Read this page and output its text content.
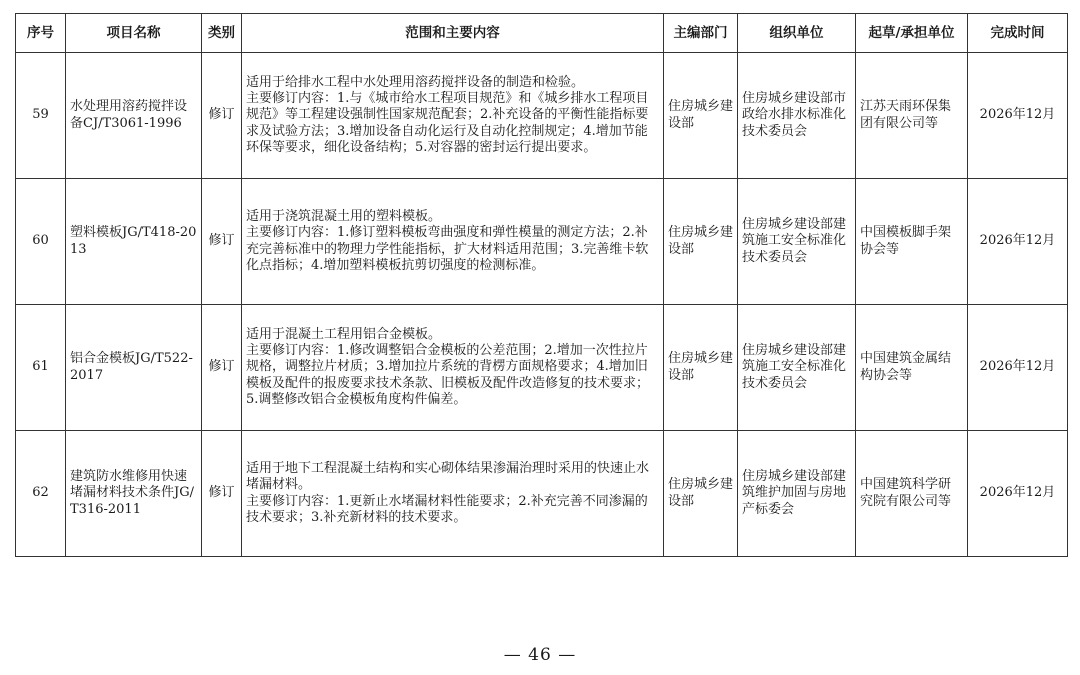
序号	项目名称	类别	范围和主要内容	主编部门	组织单位	起草/承担单位	完成时间
59	水处理用溶药搅拌设备CJ/T3061-1996	修订	适用于给排水工程中水处理用溶药搅拌设备的制造和检验。
主要修订内容：1.与《城市给水工程项目规范》和《城乡排水工程项目规范》等工程建设强制性国家规范配套；2.补充设备的平衡性能指标要求及试验方法；3.增加设备自动化运行及自动化控制规定；4.增加节能环保等要求，细化设备结构；5.对容器的密封运行提出要求。	住房城乡建设部	住房城乡建设部市政给水排水标准化技术委员会	江苏天雨环保集团有限公司等	2026年12月
60	塑料模板JG/T418-2013	修订	适用于浇筑混凝土用的塑料模板。
主要修订内容：1.修订塑料模板弯曲强度和弹性模量的测定方法；2.补充完善标准中的物理力学性能指标，扩大材料适用范围；3.完善维卡软化点指标；4.增加塑料模板抗剪切强度的检测标准。	住房城乡建设部	住房城乡建设部建筑施工安全标准化技术委员会	中国模板脚手架协会等	2026年12月
61	铝合金模板JG/T522-2017	修订	适用于混凝土工程用铝合金模板。
主要修订内容：1.修改调整铝合金模板的公差范围；2.增加一次性拉片规格，调整拉片材质；3.增加拉片系统的背楞方面规格要求；4.增加旧模板及配件的报废要求技术条款、旧模板及配件改造修复的技术要求；5.调整修改铝合金模板角度构件偏差。	住房城乡建设部	住房城乡建设部建筑施工安全标准化技术委员会	中国建筑金属结构协会等	2026年12月
62	建筑防水维修用快速堵漏材料技术条件JG/T316-2011	修订	适用于地下工程混凝土结构和实心砌体结果渗漏治理时采用的快速止水堵漏材料。
主要修订内容：1.更新止水堵漏材料性能要求；2.补充完善不同渗漏的技术要求；3.补充新材料的技术要求。	住房城乡建设部	住房城乡建设部建筑维护加固与房地产标委会	中国建筑科学研究院有限公司等	2026年12月
— 46 —
